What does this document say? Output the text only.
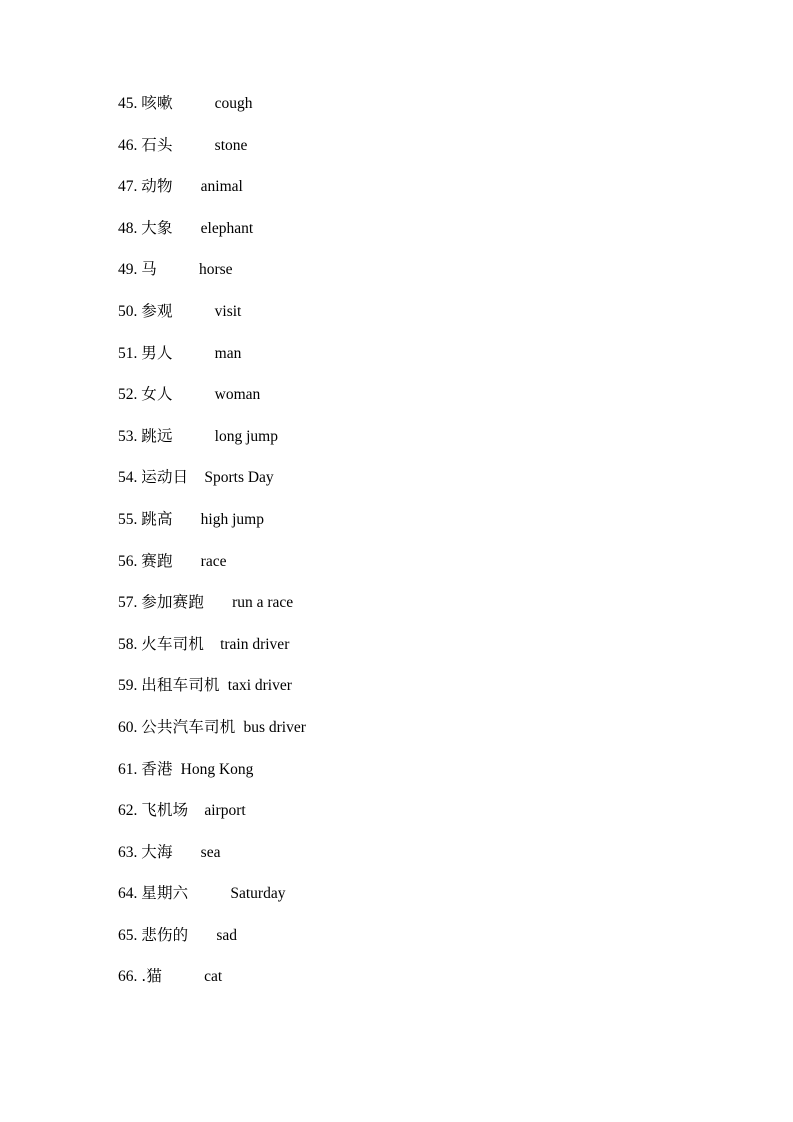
45. 咳嗽	cough
46. 石头	stone
47. 动物 animal
48. 大象 elephant
49. 马	horse
50. 参观	visit
51. 男人	man
52. 女人	woman
53. 跳远	long jump
54. 运动日 Sports Day
55. 跳高 high jump
56. 赛跑 race
57. 参加赛跑 run a race
58. 火车司机 train driver
59. 出租车司机 taxi driver
60. 公共汽车司机 bus driver
61. 香港 Hong Kong
62. 飞机场 airport
63. 大海 sea
64. 星期六	Saturday
65. 悲伤的 sad
66. .猫	cat
